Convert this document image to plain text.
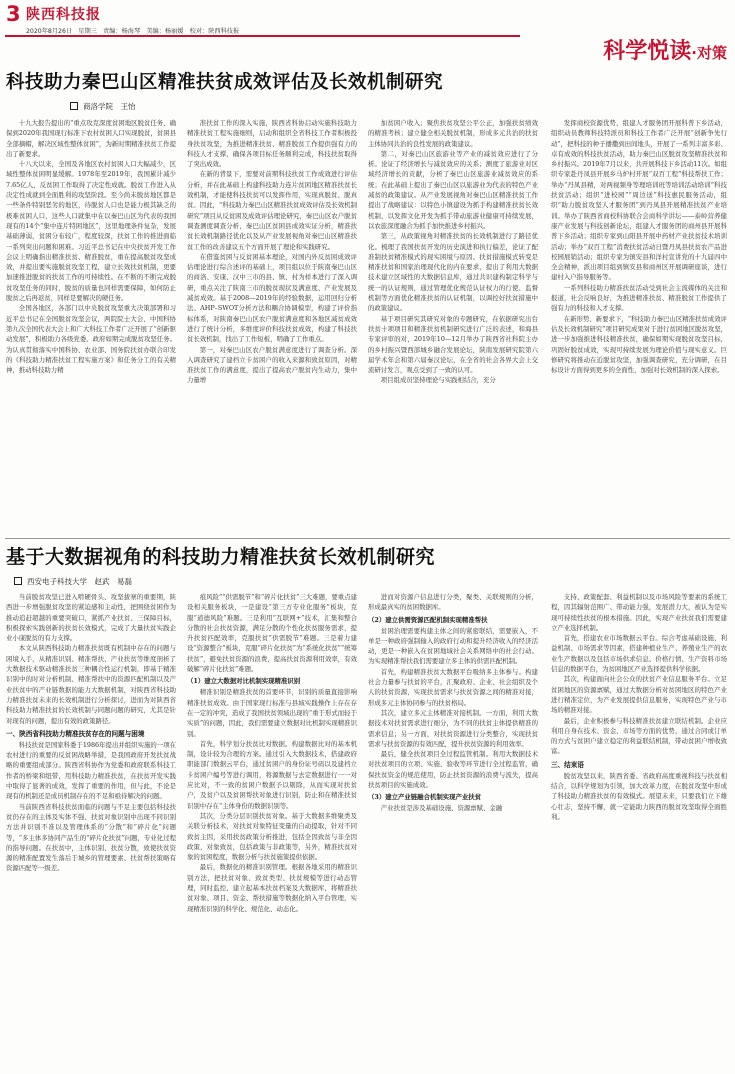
3 陕西科技报
2020年8月26日　星期三　责编：杨海琴　美编：杨丽媛　校对：陕西科技报
科学悦读·对策
科技助力秦巴山区精准扶贫成效评估及长效机制研究
商洛学院　王怡

十九大报告提出的“重点攻克深度贫困地区脱贫任务，确保到2020年我国现行标准下农村贫困人口实现脱贫，贫困县全部摘帽，解决区域性整体贫困”，为新时期精准扶贫工作提出了新要求。

十八大以来，全国及各地区农村贫困人口大幅减少，区域性整体贫困明显缓解。1978年至2019年，我国累计减少7.65亿人，反贫困工作取得了决定性成就。脱贫工作进入从决定性成就到全面胜利的攻坚阶段。至今尚未脱贫地区都是一些条件特别恶劣的地区，待脱贫人口也是能力极其缺乏的极难贫困人口，这些人口就集中在以秦巴山区为代表的我国现有的14个“集中连片特困地区”，这里地理条件复杂，发展基础薄弱，贫困分布较广，程度较深，扶贫工作的推进面临一系列突出问题和困难。习近平总书记在中央扶贫开发工作会议上明确指出精准扶贫、精准脱贫，重在提高脱贫攻坚成效，并提出要实施脱贫攻坚工程，建立长效扶贫机制，更要加速推进脱贫的扶贫工作的可持续性。在不断的不断完成脱贫攻坚任务的同时，脱贫的质量也同样需要保障，如何防止脱贫之后再返贫，同样是要解决的硬任务。

全国各地区，各部门以中央脱贫攻坚重大决策部署和习近平总书记在全国脱贫攻坚会议，两院院士大会、中国科协第九次全国代表大会上和广大科技工作者广泛开展了“创新驱动发展”，积极助力各级党委、政府如期完成脱贫攻坚任务。为认真贯彻落实中国科协、农业部、国务院扶贫办联合印发的《科技助力精准扶贫工程实施方案》和任务分工的有关精神，推动科技助力精

准扶贫工作的深入实施，陕西省科协启动实施科技助力精准扶贫工程实施细则，启动和组织全省科技工作者积极投身扶贫攻坚，为推进精准扶贫、精准脱贫工作提供强有力的科技人才支撑，确保各项目标任务顺利完成，科技扶贫取得了突出成效。

在新的背景下，需要对前期科技扶贫工作成效进行评估分析，并在此基础上构建科技助力连片贫困地区精准扶贫长效机制，才能使科技扶贫可以发挥作用，实现真脱贫、脱真贫。因此，“科技助力秦巴山区精准扶贫成效评估及长效机制研究”项目从反贫困及成效评估理论研究，秦巴山区农户脱贫调查测度调查分析，秦巴山区贫困县成效实证分析，精准扶贫长效机制路径优化以及从产业发展视角对秦巴山区精准扶贫工作的改善建议五个方面开展了理论和实践研究。

在借鉴贫困与反贫困基本理论，对国内外反贫困成效评估理论进行综合述评的基础上，项目组以位于陕南秦巴山区的商洛、安康、汉中三市的县、镇、村为样本进行了深入调研，重点关注了陕南三市的脱贫现状及满意度、产业发展及减贫成效。基于2008—2019年的经验数据，运用回归分析法、AHP–SWOT分析方法和耦合协调模型，构建了评价指标体系，对陕南秦巴山区农户脱贫满意度和各地区减贫成效进行了统计分析，多维度评价科技扶贫成效，构建了科技扶贫长效机制，找出了工作短板，明确了工作重点。

第一，对秦巴山区农户脱贫满意度进行了调查分析。深入调查研究了建档立卡贫困户的收入来源和致贫原因，对精准扶贫工作的满意度，提出了提高农户脱贫内生动力，集中力量增

加贫困户收入；聚焦扶贫攻坚公平公正，加强扶贫绩效的精准考核；建立健全相关脱贫机制，形成多元共治的扶贫主体协同共治的良性发展的政策建议。

第二，对秦巴山区旅游业等产业的减贫效应进行了分析。论证了经济增长与减贫效应的关系；测度了旅游业对区域经济增长的贡献，分析了秦巴山区旅游业减贫效应的系统；在此基础上提出了秦巴山区以旅游业为代表的特色产业减贫的政策建议。从产业发展视角对秦巴山区精准扶贫工作提出了战略建议：以特色小镇建设为抓手构建精准扶贫长效机制，以发挥文化开发为抓手带动旅游业健康可持续发展，以农旅深度融合为抓手加快推进乡村振兴。

第三，从政策视角对精准扶贫的长效机制进行了路径优化。梳理了我国扶贫开发的历史演进和执行偏差，论证了配准制扶贫精准模式的现实困境与原因。扶贫措施模式转变是精准扶贫和国家治理现代化的内在要求，提出了利用大数据技术建立区域性的大数据信息库，通过共识建构制定科学与统一的认证规则，通过管理优化规范认证权力的行使、监督机制等方面优化精准扶贫的认证机制，以调控好扶贫措施中的政策建议。

基于项目研究其研究对象的专题研究，在依据研究出台扶贫十项项目和精准扶贫机制研究进行广泛的表述，和海县专家评审的对，2019年10—12月举办了陕西省社科院主办的乡村振兴暨西部城乡融合发展论坛，陕南发展研究院第六届学术年会和第六届秦汉论坛，在全省的社会各界大会上交流研讨发言，观点受到了一致的认可。

项目组成员坚持理论与实践相结合，充分

发挥商校资源优势，组建人才服务团开展科普下乡活动，组织动员教师科技特派员和科技工作者广泛开展“创新争先行动”，把科技的种子播撒到田间地头，开展了一系列丰富多彩、卓有成效的科技扶贫活动，助力秦巴山区脱贫攻坚精准扶贫和乡村振兴。2019年7月以来，共开展科技下乡活动11次。如组织专家赴丹凤县开展乡马炉村开展“双百工程”科技帮扶工作；举办“丹凤县精，对两视频身等理培训班等培训活动培训”科技扶贫活动；组织“进校园”“周边送”科技惠民服务活动，组织“助力脱贫攻坚人才服务团”到丹凤县开展精准扶贫产业培训。举办了陕西省商校科协联合会商科学讲坛——泰岭营养健康产业发展与科技创新论坛，组建人才服务团的商州县开展科普下乡活动；组织专家到山阳县开展中药材产业扶贫技术培训活动；举办“双百工程”消费扶贫活动日暨丹凤县扶贫农产品进校园展销活动；组织专家为镇安县和洋村宣讲党的十九届四中全会精神，派出项目组到镇安县和商州区开展调研座谈，进行建村入户指导服务等。

一系列科技助力精准扶贫活动受到社会主流媒体的关注和报道，社会反响良好，为推进精准扶贫、精准脱贫工作提供了强有力的科技和人才支撑。

在新形势、新要求下，“科技助力秦巴山区精准扶贫成效评估及长效机制研究”项目研究成果对于进行贫困地区脱贫攻坚，进一步加强推进科技精准扶贫，确保如期实现脱贫攻坚目标，巩固好脱贫成效，实现可持续发展为理论价值与现实意义。巨修研究将推动在近脱贫攻坚，加强调查研究，充分调研，在目标设计方面得到更多的全面性，加强对长效机制的深入探索。

基于大数据视角的科技助力精准扶贫长效机制研究
西安电子科技大学　赵武　易磊

当前脱贫攻坚已进入啃硬骨头、攻坚拔寨的重要期，陕西进一步增强脱贫攻坚的紧迫感和主动性，把围绕贫困作为推动追赶超越的重要突破口，紧抓产业扶贫、三保障目标，积极探索实践创新的扶贫长效模式，完成了大量扶贫实践企业小康脱贫的有力支撑。

本文从陕西科技助力精准扶贫既有机制中存在的问题与困境入手，从精准识别、精准帮扶、产业扶贫等维度剖析了大数据技术驱动精准扶贫三种耦合性运行机制，即基于精准识别中的时对分析机制、精准帮扶中的资源匹配机制以及产业扶贫中的产业链数据的能力大数据机制，对陕西省科技助力精准扶贫未来的长效机制进行分析探讨，进而为对陕西省科技助力精准扶贫的长效机制与同题问题的研究，尤其是针对现有的问题，提出有效的政策路径。

一、陕西省科技助力精准扶贫存在的问题与困境

科技扶贫是国家科委于1986年提出并组织实施的一项在农村进行的重要的反贫困战略举措，是我国政府开发扶贫战略的重要组成部分。陕西省科协作为党委和政府联系科技工作者的桥梁和纽带，用科技助力精准扶贫，在扶贫开发实践中取得了显著的成效，发挥了重要的作用，但与此，不论是现有的机制还是成员机制存在的不足和亟待解决的问题。

当前陕西省科技扶贫面临的问题与不足主要包括科技扶贫仍存在的主体及实体不强、扶贫对象识别中出现不同识别方法并识别不准以及管理体系的“分散”和“碎片化”问题等，“多主体多协同产品生的“碎片化扶贫”问题，专业化过程的指导问题。在扶贫中，主体识别、扶贫分散，致使扶贫资源的精准配置发生落后于城乡的管理要素、扶贫帮扶策略有资源匹配等一级差。

痕风险”“供需脱节”和“碎片化扶贫”三大难题，要重点建设相关服务板块，一是建设“第三方专业化服务”板块，克服“道德风险”难题。三是利用“互联网+”技术，汇集和整合分散的社会扶贫资源，满足分散的个性化扶贫服务需求，提升扶贫匹配效率，克服扶贫“供需脱节”难题。三是着力建设“资源整合”板块，克服“碎片化扶贫”为“系统化扶贫”“统筹扶贫”，避免扶贫资源的浪费，提高扶贫资源利用效率，有效破解“碎片化扶贫”难题。

（1）建立大数据对比机制实现精准识别

精准识别是精准扶贫的首要环节，识别的质量直接影响精准扶贫成效。由于国家现行标准与县域实践操作上存在存在一定的冲突，造成了我国扶贫领域出现的“重于形式而轻于实质”的问题，因此，我们需要建立数据对比机制实现精准识别。

首先，科学划分扶贫比对数据。构建数据比对的基本机制，设计较为合理的方案。通过引入大数据技术，搭建政府职能部门数据云平台，通过贫困户的身份证号码以及建档立卡贫困户编号等进行调用，将源数据与去定数据进行一一对应比对，不一致的贫困户数据予以剔除，从而实现对扶贫户，及贫户以及贫困帮扶对象进行识别，防止和在精准扶贫识别中存在“主体身份的数据识别等。

其次，分类分层识别扶贫对象。基于大数据多维聚类及关联分析技术，对扶贫对象特征变量的自动提取，针对不同致贫主因，采用扶贫政策分析推进，包括全因致贫与非全因政策，对象致贫，包括政策与非政策等，另外，精准扶贫对象的贫困程度，数据分析与扶贫施策提供依据。

最后，数据化的精准识别管理。根据各地采用的精准识别方法，把扶贫对象、致贫类型、扶贫规模等进行动态管理，同时监控、建立起基本扶贫档案及大数据库，将精准扶贫对象、项目、资金、帮扶措施等数据化纳入平台管理，实现精准识别的科学化、规范化、动态化。

进而对资源户信息进行分类，聚类、关联规则的分析，形成最真实的贫困数据库。

（2）建立供需资源匹配机制实现精准帮扶

贫困治理需要构建主体之间的紧密联结，需要嵌入，不单是一种政府强制输入的政府行动和提升经济收入的经济活动，更是一种嵌入在贫困地域社会关系网络中的社会行动。为实现精准帮扶我们需要建立多主体的供需匹配机制。

首先，构建精准扶贫大数据平台吸纳多主体参与。构建社会力量参与扶贫的平台，汇聚政府、企业、社会组织及个人的扶贫资源，实现扶贫需求与扶贫资源之间的精准对接，形成多元主体协同参与的扶贫格局。

其次，建立多元主体精准对接机制。一方面，利用大数据技术对扶贫需求进行细分，为不同的扶贫主体提供精准的需求信息；另一方面，对扶贫资源进行分类整合，实现扶贫需求与扶贫资源的有效匹配，提升扶贫资源的利用效率。

最后，健全扶贫项目全过程监管机制。利用大数据技术对扶贫项目的立项、实施、验收等环节进行全过程监管，确保扶贫资金的规范使用，防止扶贫资源的浪费与流失，提高扶贫项目的实施成效。

（3）建立产业链融合机制实现产业扶贫

产业扶贫是涉及基础设施、资源禀赋、金融

支持、政策配套、利益机制以及市场风险等要素的系统工程，因其辐射范围广、带动能力强，发展潜力大，被认为是实现可持续性扶贫的根本措施。因此，实现产业扶贫我们需要建立产业选择机制。

首先，搭建农业市场数据云平台。综合考虑基础设施、利益机制、市场需求等因素，搭建种植业生产、养殖业生产的农业生产数据以及包括市场供求信息、价格行情、生产资料市场信息的数据平台，为贫困地区产业选择提供科学依据。

其次，构建面向社会公众的扶贫产业信息服务平台。立足贫困地区的资源禀赋，通过大数据分析对贫困地区的特色产业进行精准定位，为产业发展提供信息服务，实现特色产业与市场的精准对接。

最后，企业积极参与科技精准扶贫建立联结机制。企业应利用自身在技术、资金、市场等方面的优势，通过合同或订单的方式与贫困户建立稳定的利益联结机制，带动贫困户增收致富。

三、结束语

脱贫攻坚以来，陕西省委、省政府高度重视科技与扶贫相结合，以科学规划为引领，加大改革力度，在脱贫攻坚中形成了科技助力精准扶贫的有效模式。展望未来，只要我们立下雄心壮志，坚持不懈，就一定能助力陕西的脱贫攻坚取得全面胜利。
